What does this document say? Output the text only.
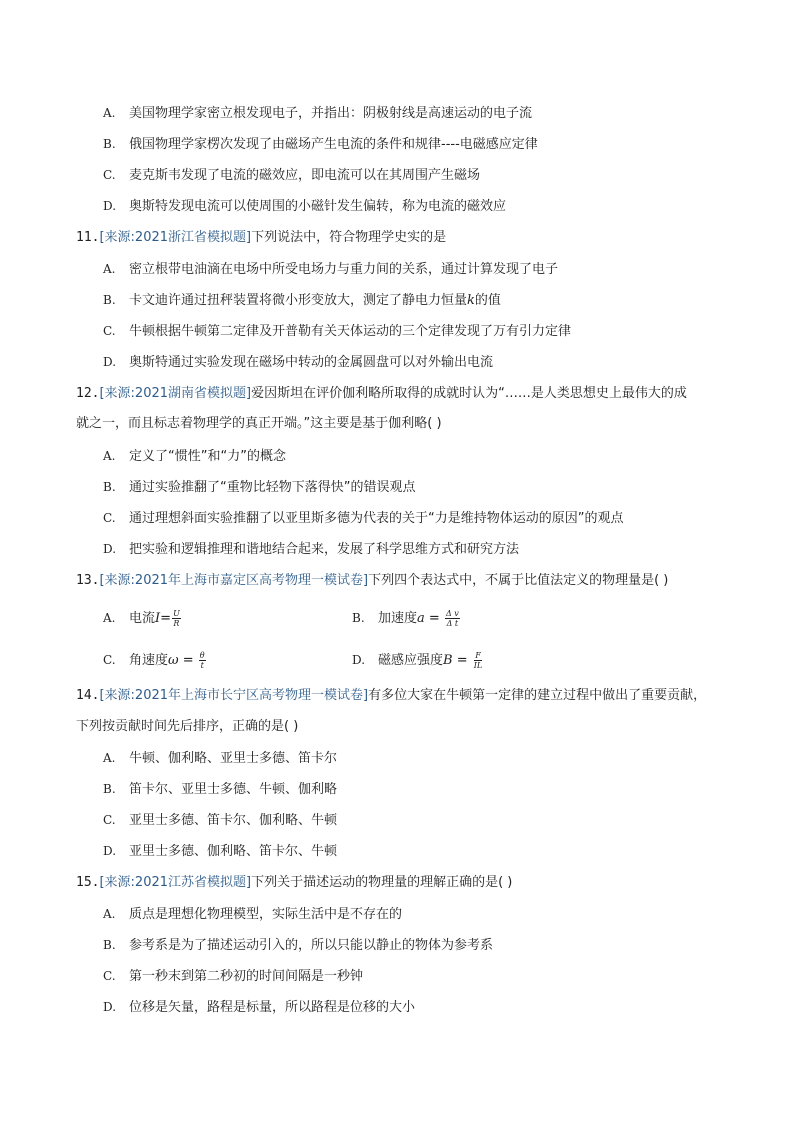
A. 美国物理学家密立根发现电子，并指出：阴极射线是高速运动的电子流
B. 俄国物理学家楞次发现了由磁场产生电流的条件和规律----电磁感应定律
C. 麦克斯韦发现了电流的磁效应，即电流可以在其周围产生磁场
D. 奥斯特发现电流可以使周围的小磁针发生偏转，称为电流的磁效应
11.[来源:2021浙江省模拟题]下列说法中，符合物理学史实的是
A. 密立根带电油滴在电场中所受电场力与重力间的关系，通过计算发现了电子
B. 卡文迪许通过扭秤装置将微小形变放大，测定了静电力恒量k的值
C. 牛顿根据牛顿第二定律及开普勒有关天体运动的三个定律发现了万有引力定律
D. 奥斯特通过实验发现在磁场中转动的金属圆盘可以对外输出电流
12.[来源:2021湖南省模拟题]爱因斯坦在评价伽利略所取得的成就时认为“……是人类思想史上最伟大的成
就之一，而且标志着物理学的真正开端。”这主要是基于伽利略( )
A. 定义了“惯性”和“力”的概念
B. 通过实验推翻了“重物比轻物下落得快”的错误观点
C. 通过理想斜面实验推翻了以亚里斯多德为代表的关于“力是维持物体运动的原因”的观点
D. 把实验和逻辑推理和谐地结合起来，发展了科学思维方式和研究方法
13.[来源:2021年上海市嘉定区高考物理一模试卷]下列四个表达式中，不属于比值法定义的物理量是( )
A. 电流$I= \frac{U}{R}$	B. 加速度$a = \frac{\text{Δ v}}{\text{Δ t}}$
C. 角速度$\omega = \frac{\theta}{t}$	D. 磁感应强度$B = \frac{F}{IL}$
14.[来源:2021年上海市长宁区高考物理一模试卷]有多位大家在牛顿第一定律的建立过程中做出了重要贡献，
下列按贡献时间先后排序，正确的是( )
A. 牛顿、伽利略、亚里士多德、笛卡尔
B. 笛卡尔、亚里士多德、牛顿、伽利略
C. 亚里士多德、笛卡尔、伽利略、牛顿
D. 亚里士多德、伽利略、笛卡尔、牛顿
15.[来源:2021江苏省模拟题]下列关于描述运动的物理量的理解正确的是( )
A. 质点是理想化物理模型，实际生活中是不存在的
B. 参考系是为了描述运动引入的，所以只能以静止的物体为参考系
C. 第一秒末到第二秒初的时间间隔是一秒钟
D. 位移是矢量，路程是标量，所以路程是位移的大小
